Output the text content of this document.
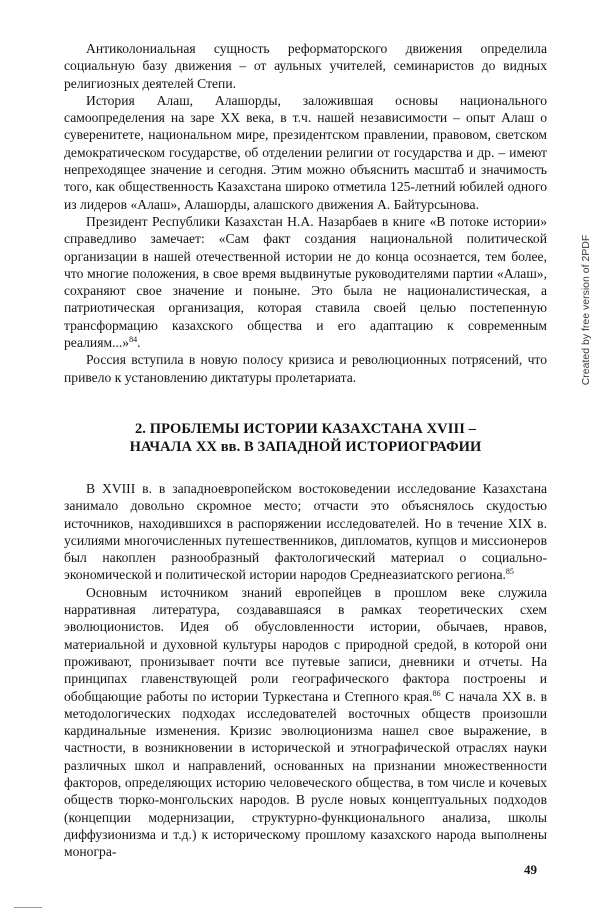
Антиколониальная сущность реформаторского движения определила социальную базу движения – от аульных учителей, семинаристов до видных религиозных деятелей Степи.

История Алаш, Алашорды, заложившая основы национального самоопределения на заре XX века, в т.ч. нашей независимости – опыт Алаш о суверенитете, национальном мире, президентском правлении, правовом, светском демократическом государстве, об отделении религии от государства и др. – имеют непреходящее значение и сегодня. Этим можно объяснить масштаб и значимость того, как общественность Казахстана широко отметила 125-летний юбилей одного из лидеров «Алаш», Алашорды, алашского движения А. Байтурсынова.

Президент Республики Казахстан Н.А. Назарбаев в книге «В потоке истории» справедливо замечает: «Сам факт создания национальной политической организации в нашей отечественной истории не до конца осознается, тем более, что многие положения, в свое время выдвинутые руководителями партии «Алаш», сохраняют свое значение и поныне. Это была не националистическая, а патриотическая организация, которая ставила своей целью постепенную трансформацию казахского общества и его адаптацию к современным реалиям...»$^{84}$.

Россия вступила в новую полосу кризиса и революционных потрясений, что привело к установлению диктатуры пролетариата.

2. ПРОБЛЕМЫ ИСТОРИИ КАЗАХСТАНА XVIII –
НАЧАЛА XX вв. В ЗАПАДНОЙ ИСТОРИОГРАФИИ

В XVIII в. в западноевропейском востоковедении исследование Казахстана занимало довольно скромное место; отчасти это объяснялось скудостью источников, находившихся в распоряжении исследователей. Но в течение XIX в. усилиями многочисленных путешественников, дипломатов, купцов и миссионеров был накоплен разнообразный фактологический материал о социально-экономической и политической истории народов Среднеазиатского региона.$^{85}$

Основным источником знаний европейцев в прошлом веке служила нарративная литература, создававшаяся в рамках теоретических схем эволюционистов. Идея об обусловленности истории, обычаев, нравов, материальной и духовной культуры народов с природной средой, в которой они проживают, пронизывает почти все путевые записи, дневники и отчеты. На принципах главенствующей роли географического фактора построены и обобщающие работы по истории Туркестана и Степного края.$^{86}$ С начала XX в. в методологических подходах исследователей восточных обществ произошли кардинальные изменения. Кризис эволюционизма нашел свое выражение, в частности, в возникновении в исторической и этнографической отраслях науки различных школ и направлений, основанных на признании множественности факторов, определяющих историю человеческого общества, в том числе и кочевых обществ тюрко-монгольских народов. В русле новых концептуальных подходов (концепции модернизации, структурно-функционального анализа, школы диффузионизма и т.д.) к историческому прошлому казахского народа выполнены моногра-

Created by free version of 2PDF
49
